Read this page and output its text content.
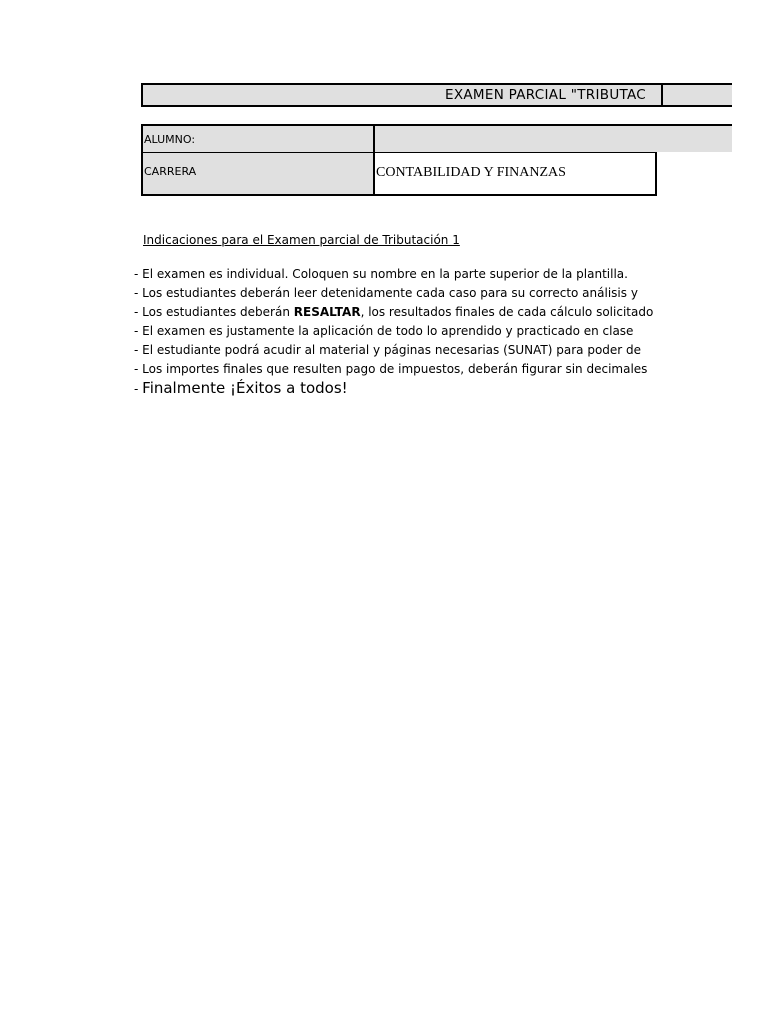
EXAMEN PARCIAL "TRIBUTAC
ALUMNO:
CARRERA	CONTABILIDAD Y FINANZAS
Indicaciones para el Examen parcial de Tributación 1
- El examen es individual. Coloquen su nombre en la parte superior de la plantilla.
- Los estudiantes deberán leer detenidamente cada caso para su correcto análisis y
- Los estudiantes deberán RESALTAR, los resultados finales de cada cálculo solicitado
- El examen es justamente la aplicación de todo lo aprendido y practicado en clase
- El estudiante podrá acudir al material y páginas necesarias (SUNAT) para poder de
- Los importes finales que resulten pago de impuestos, deberán figurar sin decimales
- Finalmente ¡Éxitos a todos!
